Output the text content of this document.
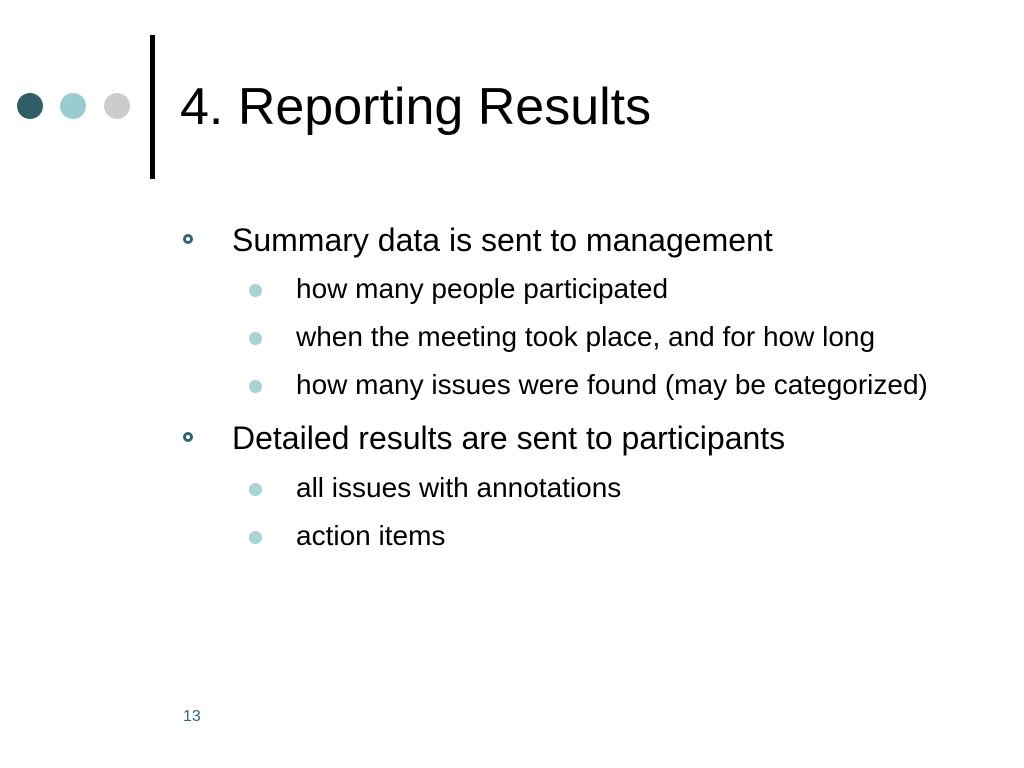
4. Reporting Results
Summary data is sent to management
how many people participated
when the meeting took place, and for how long
how many issues were found (may be categorized)
Detailed results are sent to participants
all issues with annotations
action items
13
